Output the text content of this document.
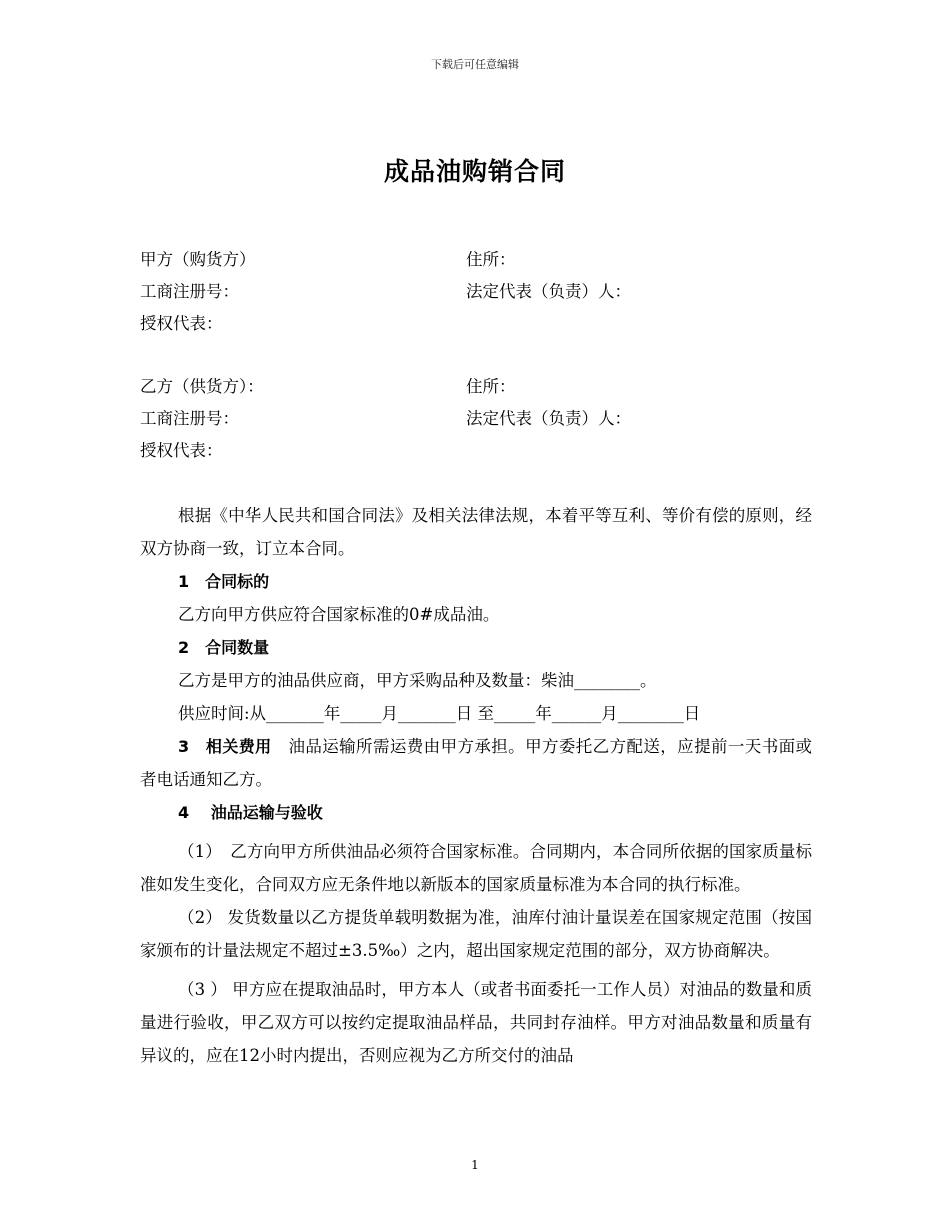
下载后可任意编辑
成品油购销合同
甲方（购货方）	住所：
工商注册号：	法定代表（负责）人：
授权代表：
乙方（供货方）：	住所：
工商注册号：	法定代表（负责）人：
授权代表：

根据《中华人民共和国合同法》及相关法律法规，本着平等互利、等价有偿的原则，经双方协商一致，订立本合同。

1　合同标的

乙方向甲方供应符合国家标准的0#成品油。

2　合同数量

乙方是甲方的油品供应商，甲方采购品种及数量：柴油________。

供应时间:从_______年_____月_______日 至_____年______月________日

3　相关费用　油品运输所需运费由甲方承担。甲方委托乙方配送，应提前一天书面或者电话通知乙方。

4　 油品运输与验收

（1）　乙方向甲方所供油品必须符合国家标准。合同期内，本合同所依据的国家质量标准如发生变化，合同双方应无条件地以新版本的国家质量标准为本合同的执行标准。

（2） 发货数量以乙方提货单载明数据为准，油库付油计量误差在国家规定范围（按国家颁布的计量法规定不超过±3.5‰）之内，超出国家规定范围的部分，双方协商解决。

（3 ） 甲方应在提取油品时，甲方本人（或者书面委托一工作人员）对油品的数量和质量进行验收，甲乙双方可以按约定提取油品样品，共同封存油样。甲方对油品数量和质量有异议的，应在12小时内提出，否则应视为乙方所交付的油品

1
